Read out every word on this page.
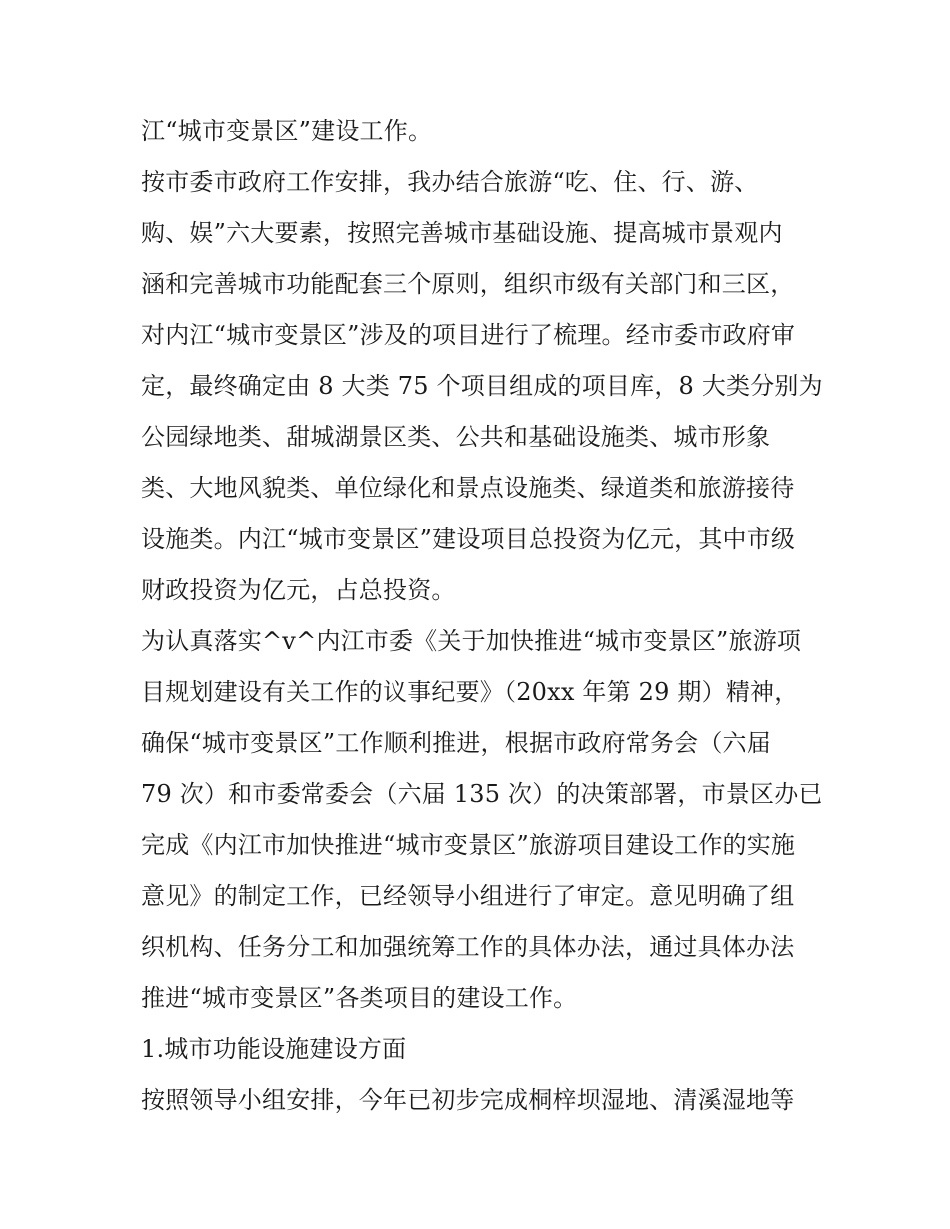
江“城市变景区”建设工作。
按市委市政府工作安排，我办结合旅游“吃、住、行、游、
购、娱”六大要素，按照完善城市基础设施、提高城市景观内
涵和完善城市功能配套三个原则，组织市级有关部门和三区，
对内江“城市变景区”涉及的项目进行了梳理。经市委市政府审
定，最终确定由 8 大类 75 个项目组成的项目库，8 大类分别为
公园绿地类、甜城湖景区类、公共和基础设施类、城市形象
类、大地风貌类、单位绿化和景点设施类、绿道类和旅游接待
设施类。内江“城市变景区”建设项目总投资为亿元，其中市级
财政投资为亿元，占总投资。
为认真落实^v^内江市委《关于加快推进“城市变景区”旅游项
目规划建设有关工作的议事纪要》（20xx 年第 29 期）精神，
确保“城市变景区”工作顺利推进，根据市政府常务会（六届
79 次）和市委常委会（六届 135 次）的决策部署，市景区办已
完成《内江市加快推进“城市变景区”旅游项目建设工作的实施
意见》的制定工作，已经领导小组进行了审定。意见明确了组
织机构、任务分工和加强统筹工作的具体办法，通过具体办法
推进“城市变景区”各类项目的建设工作。
1.城市功能设施建设方面
按照领导小组安排，今年已初步完成桐梓坝湿地、清溪湿地等
